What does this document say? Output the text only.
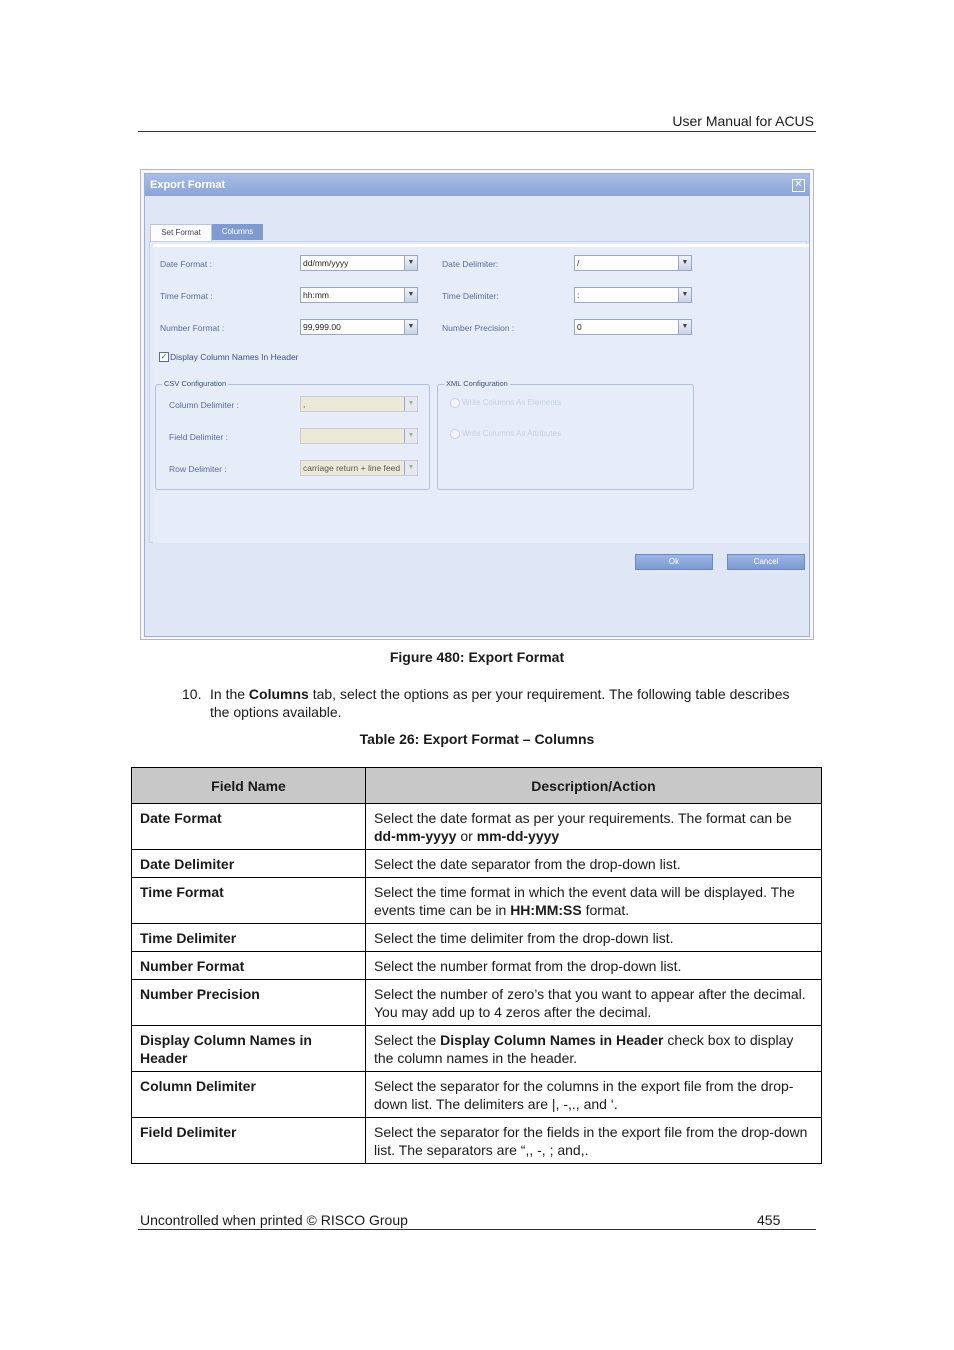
User Manual for ACUS
Export Format	✕
Set Format	Columns
Date Format :	dd/mm/yyyy	▼	Date Delimiter:	/	▼
Time Format :	hh:mm	▼	Time Delimiter:	:	▼
Number Format :	99,999.00	▼	Number Precision :	0	▼
✓ Display Column Names In Header
CSV Configuration
Column Delimiter :	,	▼
Field Delimiter :	▼
Row Delimiter :	carriage return + line feed	▼
XML Configuration
Write Columns As Elements
Write Columns As Attributes
Ok	Cancel
Figure 480: Export Format
10. In the Columns tab, select the options as per your requirement. The following table describes the options available.
Table 26: Export Format – Columns
Field Name	Description/Action
Date Format	Select the date format as per your requirements. The format can be dd-mm-yyyy or mm-dd-yyyy
Date Delimiter	Select the date separator from the drop-down list.
Time Format	Select the time format in which the event data will be displayed. The events time can be in HH:MM:SS format.
Time Delimiter	Select the time delimiter from the drop-down list.
Number Format	Select the number format from the drop-down list.
Number Precision	Select the number of zero’s that you want to appear after the decimal. You may add up to 4 zeros after the decimal.
Display Column Names in Header	Select the Display Column Names in Header check box to display the column names in the header.
Column Delimiter	Select the separator for the columns in the export file from the drop-down list. The delimiters are |, -,., and ‘.
Field Delimiter	Select the separator for the fields in the export file from the drop-down list. The separators are “,, -, ; and,.
Uncontrolled when printed © RISCO Group	455
